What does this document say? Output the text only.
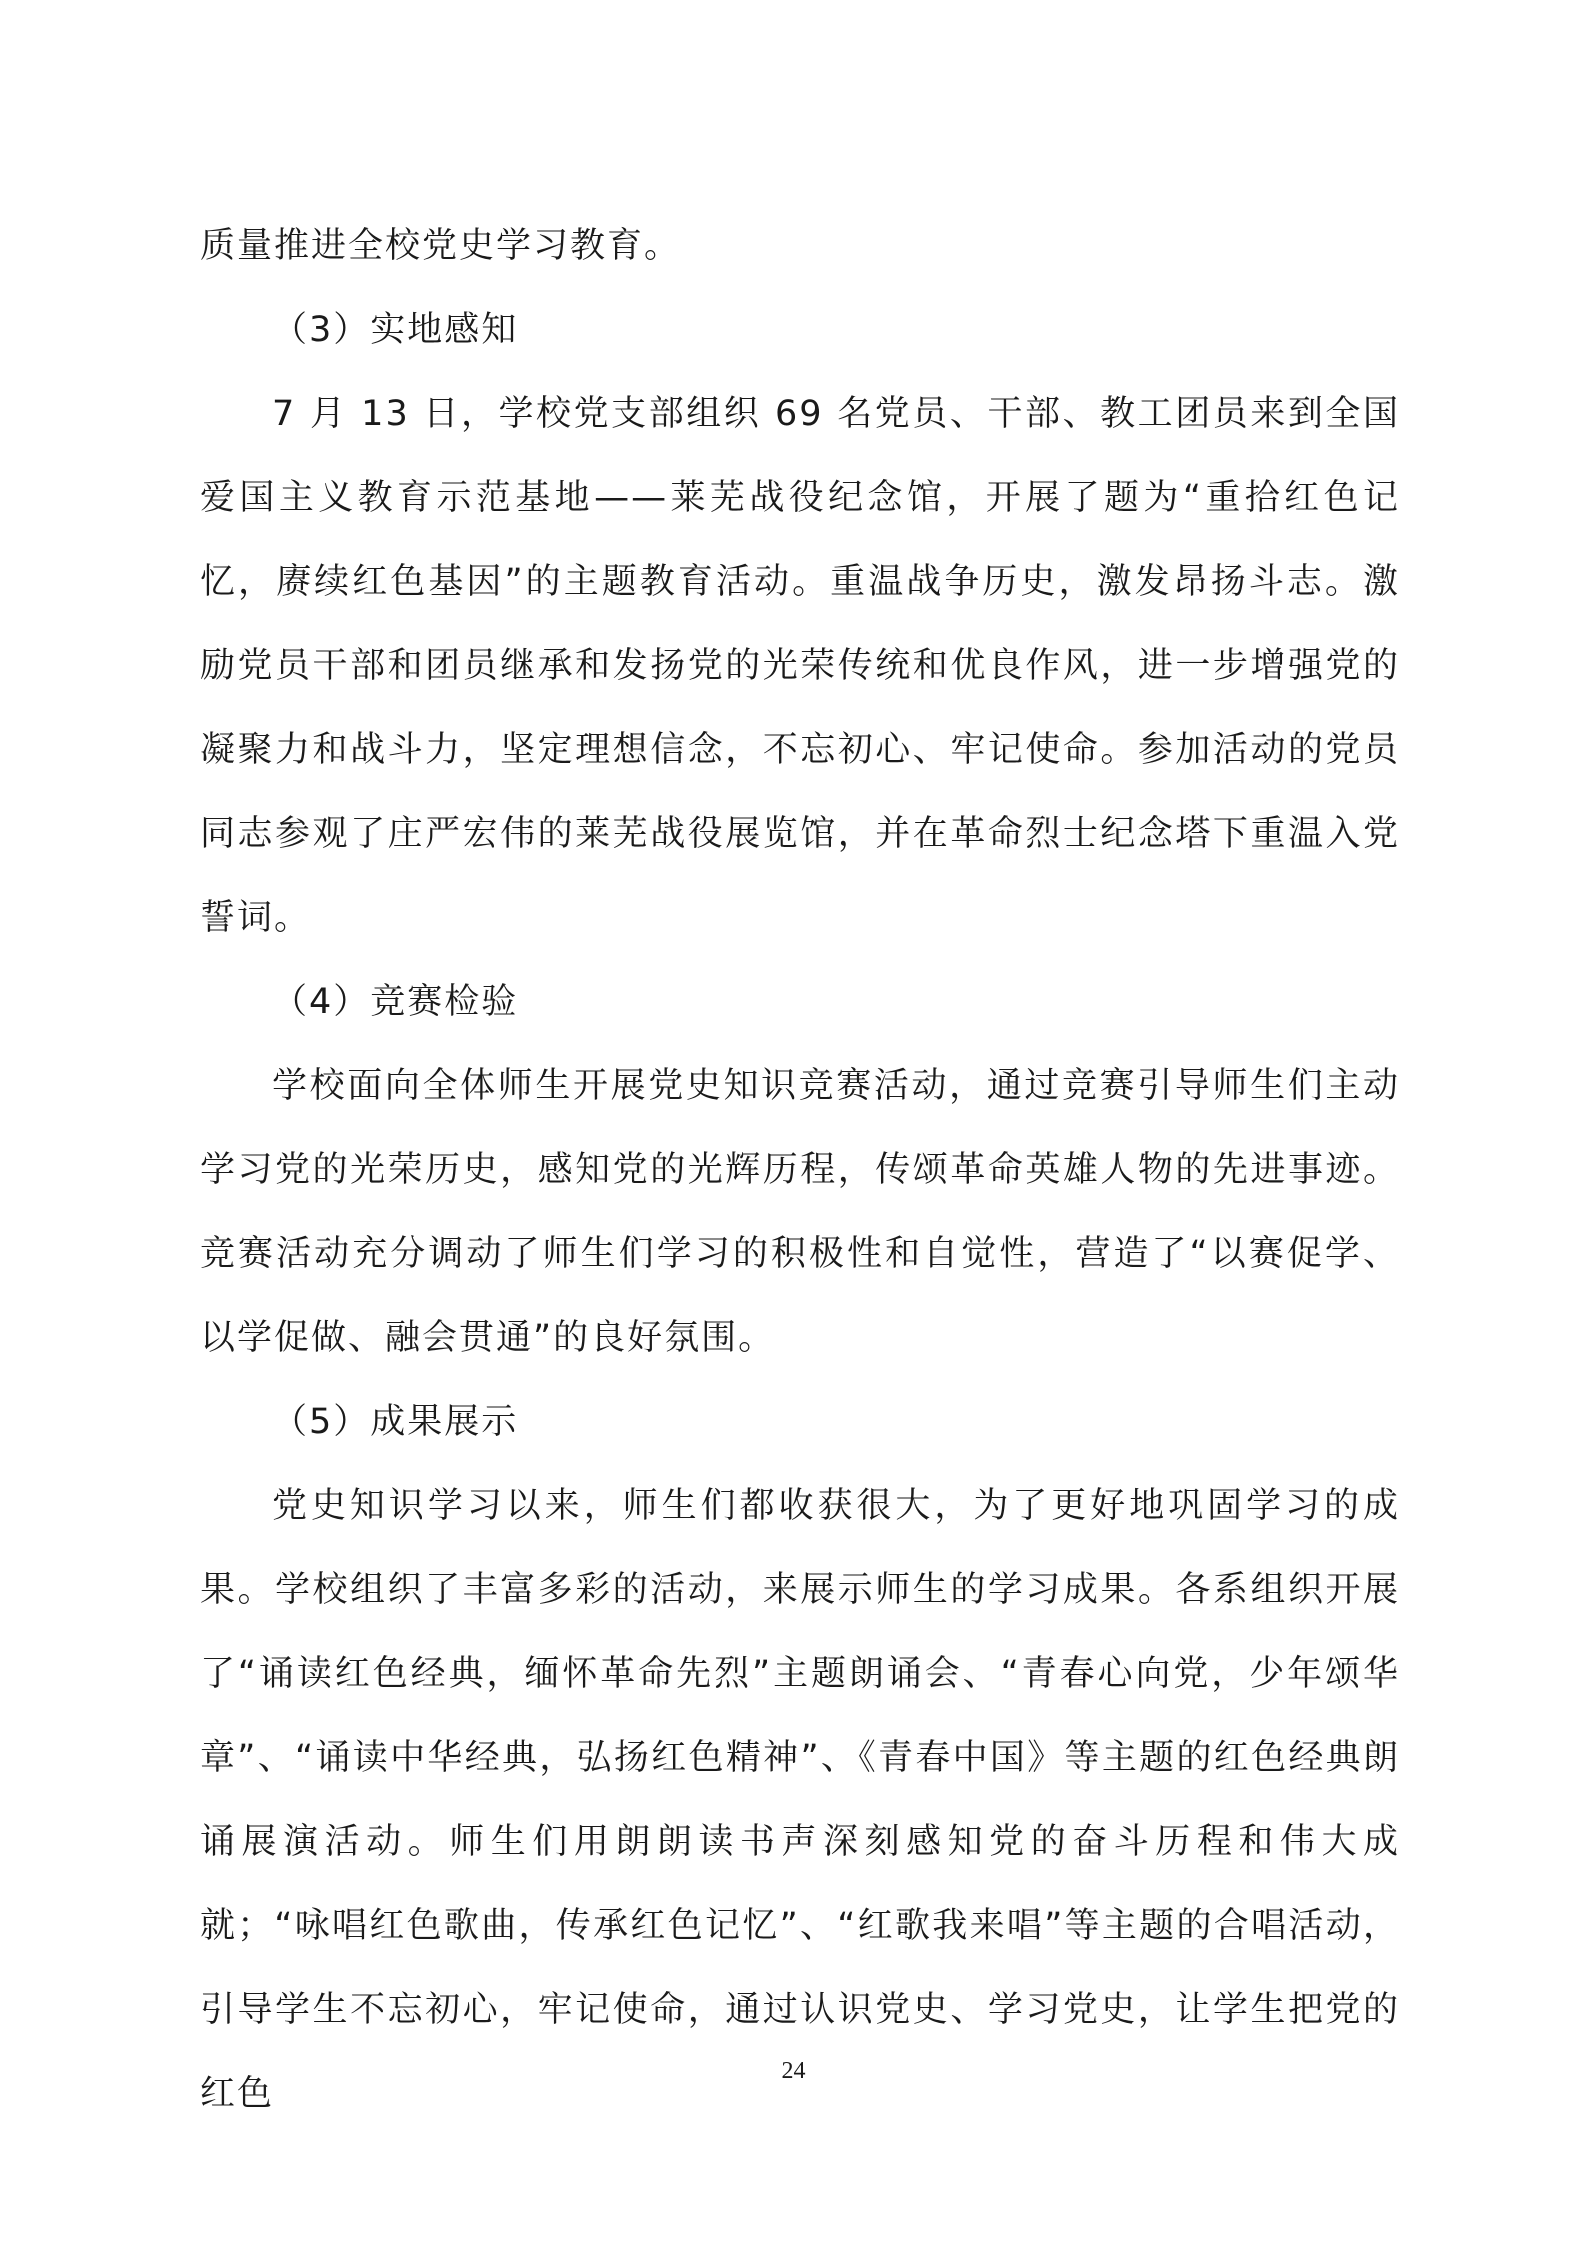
质量推进全校党史学习教育。

（3）实地感知

7 月 13 日，学校党支部组织 69 名党员、干部、教工团员来到全国爱国主义教育示范基地——莱芜战役纪念馆，开展了题为“重拾红色记忆，赓续红色基因”的主题教育活动。重温战争历史，激发昂扬斗志。激励党员干部和团员继承和发扬党的光荣传统和优良作风，进一步增强党的凝聚力和战斗力，坚定理想信念，不忘初心、牢记使命。参加活动的党员同志参观了庄严宏伟的莱芜战役展览馆，并在革命烈士纪念塔下重温入党誓词。

（4）竞赛检验

学校面向全体师生开展党史知识竞赛活动，通过竞赛引导师生们主动学习党的光荣历史，感知党的光辉历程，传颂革命英雄人物的先进事迹。竞赛活动充分调动了师生们学习的积极性和自觉性，营造了“以赛促学、以学促做、融会贯通”的良好氛围。

（5）成果展示

党史知识学习以来，师生们都收获很大，为了更好地巩固学习的成果。学校组织了丰富多彩的活动，来展示师生的学习成果。各系组织开展了“诵读红色经典，缅怀革命先烈”主题朗诵会、“青春心向党，少年颂华章”、“诵读中华经典，弘扬红色精神”、《青春中国》等主题的红色经典朗诵展演活动。师生们用朗朗读书声深刻感知党的奋斗历程和伟大成就；“咏唱红色歌曲，传承红色记忆”、“红歌我来唱”等主题的合唱活动，引导学生不忘初心，牢记使命，通过认识党史、学习党史，让学生把党的红色

24
